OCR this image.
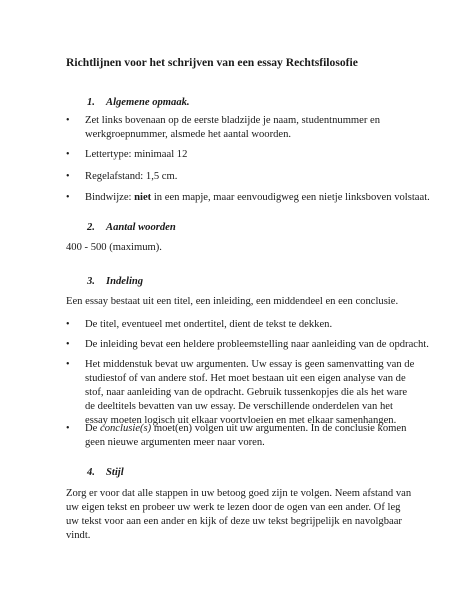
Richtlijnen voor het schrijven van een essay Rechtsfilosofie
1. Algemene opmaak.
• Zet links bovenaan op de eerste bladzijde je naam, studentnummer en werkgroepnummer, alsmede het aantal woorden.
• Lettertype: minimaal 12
• Regelafstand: 1,5 cm.
• Bindwijze: niet in een mapje, maar eenvoudigweg een nietje linksboven volstaat.
2. Aantal woorden
400 - 500 (maximum).
3. Indeling
Een essay bestaat uit een titel, een inleiding, een middendeel en een conclusie.
• De titel, eventueel met ondertitel, dient de tekst te dekken.
• De inleiding bevat een heldere probleemstelling naar aanleiding van de opdracht.
• Het middenstuk bevat uw argumenten. Uw essay is geen samenvatting van de studiestof of van andere stof. Het moet bestaan uit een eigen analyse van de stof, naar aanleiding van de opdracht. Gebruik tussenkopjes die als het ware de deeltitels bevatten van uw essay. De verschillende onderdelen van het essay moeten logisch uit elkaar voortvloeien en met elkaar samenhangen.
• De conclusie(s) moet(en) volgen uit uw argumenten. In de conclusie komen geen nieuwe argumenten meer naar voren.
4. Stijl
Zorg er voor dat alle stappen in uw betoog goed zijn te volgen. Neem afstand van uw eigen tekst en probeer uw werk te lezen door de ogen van een ander. Of leg uw tekst voor aan een ander en kijk of deze uw tekst begrijpelijk en navolgbaar vindt.
